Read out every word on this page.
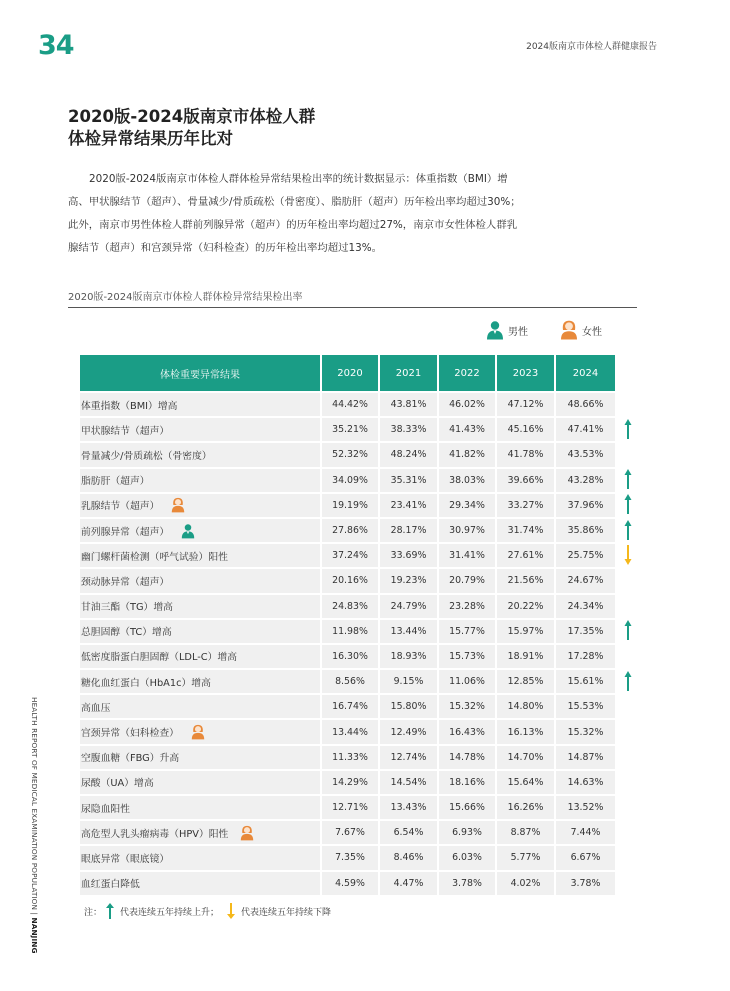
34	2024版南京市体检人群健康报告
2020版-2024版南京市体检人群
体检异常结果历年比对

2020版-2024版南京市体检人群体检异常结果检出率的统计数据显示：体重指数（BMI）增高、甲状腺结节（超声）、骨量减少/骨质疏松（骨密度）、脂肪肝（超声）历年检出率均超过30%；此外，南京市男性体检人群前列腺异常（超声）的历年检出率均超过27%，南京市女性体检人群乳腺结节（超声）和宫颈异常（妇科检查）的历年检出率均超过13%。

2020版-2024版南京市体检人群体检异常结果检出率
男性	女性
体检重要异常结果	2020	2021	2022	2023	2024

体重指数（BMI）增高	44.42%	43.81%	46.02%	47.12%	48.66%

甲状腺结节（超声）	35.21%	38.33%	41.43%	45.16%	47.41%

骨量减少/骨质疏松（骨密度）	52.32%	48.24%	41.82%	41.78%	43.53%

脂肪肝（超声）	34.09%	35.31%	38.03%	39.66%	43.28%

乳腺结节（超声）	19.19%	23.41%	29.34%	33.27%	37.96%

前列腺异常（超声）	27.86%	28.17%	30.97%	31.74%	35.86%

幽门螺杆菌检测（呼气试验）阳性	37.24%	33.69%	31.41%	27.61%	25.75%

颈动脉异常（超声）	20.16%	19.23%	20.79%	21.56%	24.67%

甘油三酯（TG）增高	24.83%	24.79%	23.28%	20.22%	24.34%

总胆固醇（TC）增高	11.98%	13.44%	15.77%	15.97%	17.35%

低密度脂蛋白胆固醇（LDL-C）增高	16.30%	18.93%	15.73%	18.91%	17.28%

糖化血红蛋白（HbA1c）增高	8.56%	9.15%	11.06%	12.85%	15.61%

高血压	16.74%	15.80%	15.32%	14.80%	15.53%

宫颈异常（妇科检查）	13.44%	12.49%	16.43%	16.13%	15.32%

空腹血糖（FBG）升高	11.33%	12.74%	14.78%	14.70%	14.87%

尿酸（UA）增高	14.29%	14.54%	18.16%	15.64%	14.63%

尿隐血阳性	12.71%	13.43%	15.66%	16.26%	13.52%

高危型人乳头瘤病毒（HPV）阳性	7.67%	6.54%	6.93%	8.87%	7.44%

眼底异常（眼底镜）	7.35%	8.46%	6.03%	5.77%	6.67%

血红蛋白降低	4.59%	4.47%	3.78%	4.02%	3.78%
注： 代表连续五年持续上升； 代表连续五年持续下降
HEALTH REPORT OF MEDICAL EXAMINATION POPULATION | NANJING
